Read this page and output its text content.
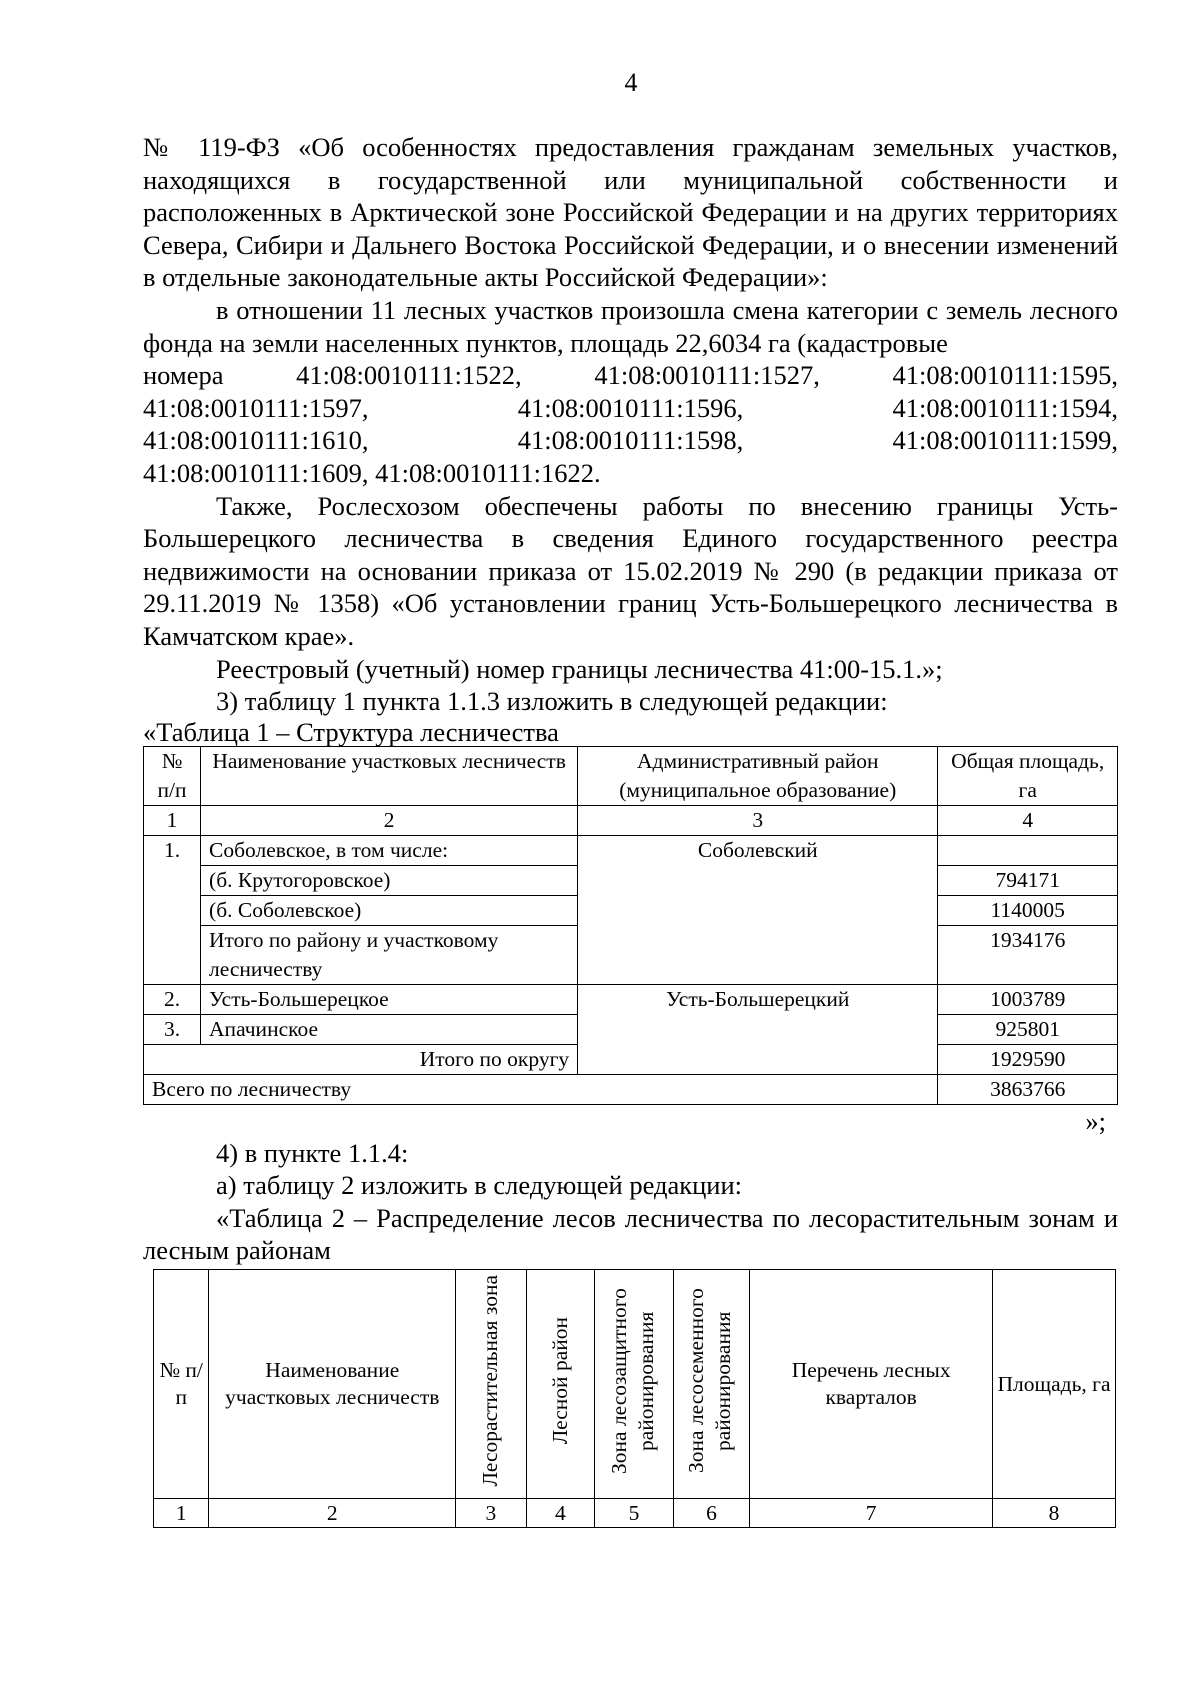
4

№ 119-ФЗ «Об особенностях предоставления гражданам земельных участков, находящихся в государственной или муниципальной собственности и расположенных в Арктической зоне Российской Федерации и на других территориях Севера, Сибири и Дальнего Востока Российской Федерации, и о внесении изменений в отдельные законодательные акты Российской Федерации»:

в отношении 11 лесных участков произошла смена категории с земель лесного фонда на земли населенных пунктов, площадь 22,6034 га (кадастровые

номера	41:08:0010111:1522,	41:08:0010111:1527,	41:08:0010111:1595,
41:08:0010111:1597,	41:08:0010111:1596,	41:08:0010111:1594,
41:08:0010111:1610,	41:08:0010111:1598,	41:08:0010111:1599,

41:08:0010111:1609, 41:08:0010111:1622.

Также, Рослесхозом обеспечены работы по внесению границы Усть-Большерецкого лесничества в сведения Единого государственного реестра недвижимости на основании приказа от 15.02.2019 № 290 (в редакции приказа от 29.11.2019 № 1358) «Об установлении границ Усть-Большерецкого лесничества в Камчатском крае».

Реестровый (учетный) номер границы лесничества 41:00-15.1.»;

3) таблицу 1 пункта 1.1.3 изложить в следующей редакции:

«Таблица 1 – Структура лесничества

№ п/п	Наименование участковых лесничеств	Административный район (муниципальное образование)	Общая площадь, га
1	2	3	4
1.	Соболевское, в том числе:	Соболевский	
	(б. Крутогоровское)		794171
	(б. Соболевское)		1140005
	Итого по району и участковому лесничеству		1934176
2.	Усть-Большерецкое	Усть-Большерецкий	1003789
3.	Апачинское		925801
Итого по округу			1929590
Всего по лесничеству			3863766
»;

4) в пункте 1.1.4:

а) таблицу 2 изложить в следующей редакции:

«Таблица 2 – Распределение лесов лесничества по лесорастительным зонам и лесным районам

№ п/п	Наименование участковых лесничеств	Лесорастительная зона	Лесной район	Зона лесозащитного районирования	Зона лесосеменного районирования	Перечень лесных кварталов	Площадь, га
1	2	3	4	5	6	7	8
